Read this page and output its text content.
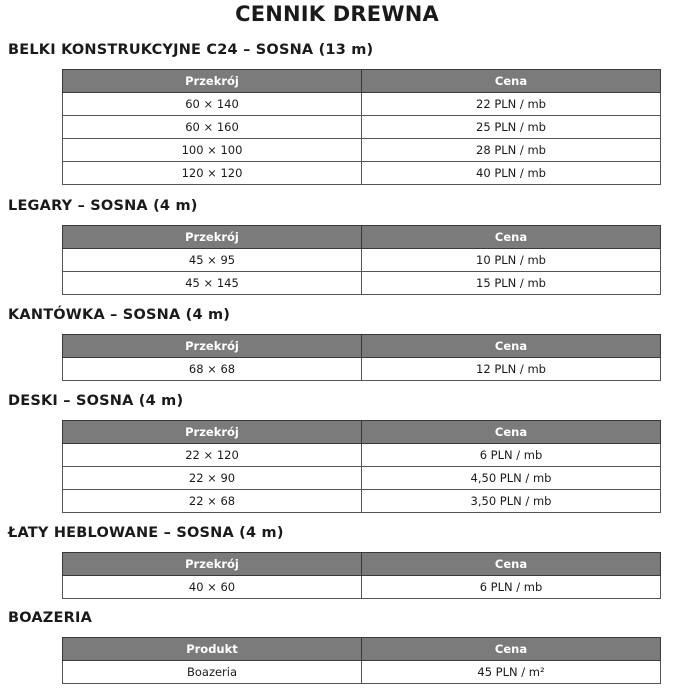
CENNIK DREWNA
BELKI KONSTRUKCYJNE C24 – SOSNA (13 m)
Przekrój	Cena
60 × 140	22 PLN / mb
60 × 160	25 PLN / mb
100 × 100	28 PLN / mb
120 × 120	40 PLN / mb
LEGARY – SOSNA (4 m)
Przekrój	Cena
45 × 95	10 PLN / mb
45 × 145	15 PLN / mb
KANTÓWKA – SOSNA (4 m)
Przekrój	Cena
68 × 68	12 PLN / mb
DESKI – SOSNA (4 m)
Przekrój	Cena
22 × 120	6 PLN / mb
22 × 90	4,50 PLN / mb
22 × 68	3,50 PLN / mb
ŁATY HEBLOWANE – SOSNA (4 m)
Przekrój	Cena
40 × 60	6 PLN / mb
BOAZERIA
Produkt	Cena
Boazeria	45 PLN / m²
